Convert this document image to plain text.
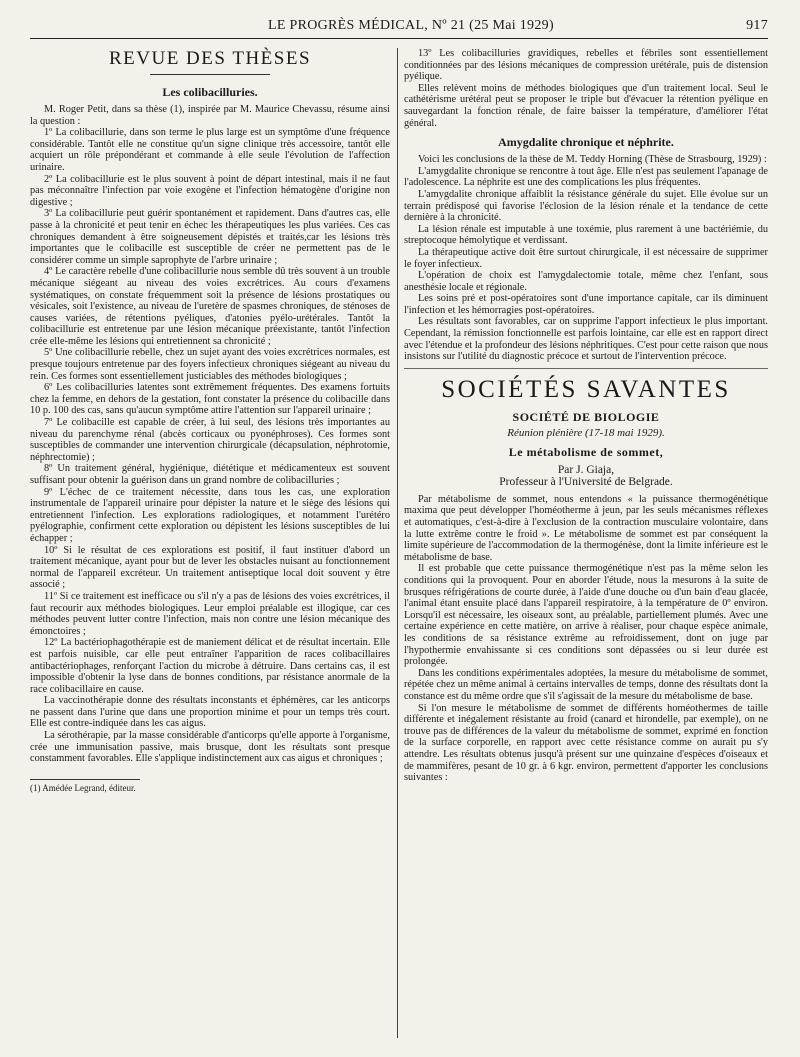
LE PROGRÈS MÉDICAL, Nº 21 (25 Mai 1929)	917
REVUE DES THÈSES
Les colibacilluries.

M. Roger Petit, dans sa thèse (1), inspirée par M. Maurice Chevassu, résume ainsi la question :

1º La colibacillurie, dans son terme le plus large est un symptôme d'une fréquence considérable. Tantôt elle ne constitue qu'un signe clinique très accessoire, tantôt elle acquiert un rôle prépondérant et commande à elle seule l'évolution de l'affection urinaire.

2º La colibacillurie est le plus souvent à point de départ intestinal, mais il ne faut pas méconnaître l'infection par voie exogène et l'infection hématogène d'origine non digestive ;

3º La colibacillurie peut guérir spontanément et rapidement. Dans d'autres cas, elle passe à la chronicité et peut tenir en échec les thérapeutiques les plus variées. Ces cas chroniques demandent à être soigneusement dépistés et traités,car les lésions très importantes que le colibacille est susceptible de créer ne permettent pas de le considérer comme un simple saprophyte de l'arbre urinaire ;

4º Le caractère rebelle d'une colibacillurie nous semble dû très souvent à un trouble mécanique siégeant au niveau des voies excrétrices. Au cours d'examens systématiques, on constate fréquemment soit la présence de lésions prostatiques ou vésicales, soit l'existence, au niveau de l'uretère de spasmes chroniques, de sténoses de causes variées, de rétentions pyéliques, d'atonies pyélo-urétérales. Tantôt la colibacillurie est entretenue par une lésion mécanique préexistante, tantôt l'infection crée elle-même les lésions qui entretiennent sa chronicité ;

5º Une colibacillurie rebelle, chez un sujet ayant des voies excrétrices normales, est presque toujours entretenue par des foyers infectieux chroniques siégeant au niveau du rein. Ces formes sont essentiellement justiciables des méthodes biologiques ;

6º Les colibacilluries latentes sont extrêmement fréquentes. Des examens fortuits chez la femme, en dehors de la gestation, font constater la présence du colibacille dans 10 p. 100 des cas, sans qu'aucun symptôme attire l'attention sur l'appareil urinaire ;

7º Le colibacille est capable de créer, à lui seul, des lésions très importantes au niveau du parenchyme rénal (abcès corticaux ou pyonéphroses). Ces formes sont susceptibles de commander une intervention chirurgicale (décapsulation, néphrotomie, néphrectomie) ;

8º Un traitement général, hygiénique, diététique et médicamenteux est souvent suffisant pour obtenir la guérison dans un grand nombre de colibacilluries ;

9º L'échec de ce traitement nécessite, dans tous les cas, une exploration instrumentale de l'appareil urinaire pour dépister la nature et le siège des lésions qui entretiennent l'infection. Les explorations radiologiques, et notamment l'urétéro pyélographie, confirment cette exploration ou dépistent les lésions susceptibles de lui échapper ;

10º Si le résultat de ces explorations est positif, il faut instituer d'abord un traitement mécanique, ayant pour but de lever les obstacles nuisant au fonctionnement normal de l'appareil excréteur. Un traitement antiseptique local doit souvent y être associé ;

11º Si ce traitement est inefficace ou s'il n'y a pas de lésions des voies excrétrices, il faut recourir aux méthodes biologiques. Leur emploi préalable est illogique, car ces méthodes peuvent lutter contre l'infection, mais non contre une lésion mécanique des émonctoires ;

12º La bactériophagothérapie est de maniement délicat et de résultat incertain. Elle est parfois nuisible, car elle peut entraîner l'apparition de races colibacillaires antibactériophages, renforçant l'action du microbe à détruire. Dans certains cas, il est impossible d'obtenir la lyse dans de bonnes conditions, par résistance anormale de la race colibacillaire en cause.

La vaccinothérapie donne des résultats inconstants et éphémères, car les anticorps ne passent dans l'urine que dans une proportion minime et pour un temps très court. Elle est contre-indiquée dans les cas aigus.

La sérothérapie, par la masse considérable d'anticorps qu'elle apporte à l'organisme, crée une immunisation passive, mais brusque, dont les résultats sont presque constamment favorables. Elle s'applique indistinctement aux cas aigus et chroniques ;

(1) Amédée Legrand, éditeur.

13º Les colibacilluries gravidiques, rebelles et fébriles sont essentiellement conditionnées par des lésions mécaniques de compression urétérale, puis de distension pyélique.

Elles relèvent moins de méthodes biologiques que d'un traitement local. Seul le cathétérisme urétéral peut se proposer le triple but d'évacuer la rétention pyélique en sauvegardant la fonction rénale, de faire baisser la température, d'améliorer l'état général.

Amygdalite chronique et néphrite.

Voici les conclusions de la thèse de M. Teddy Horning (Thèse de Strasbourg, 1929) :

L'amygdalite chronique se rencontre à tout âge. Elle n'est pas seulement l'apanage de l'adolescence. La néphrite est une des complications les plus fréquentes.

L'amygdalite chronique affaiblit la résistance générale du sujet. Elle évolue sur un terrain prédisposé qui favorise l'éclosion de la lésion rénale et la tendance de cette dernière à la chronicité.

La lésion rénale est imputable à une toxémie, plus rarement à une bactériémie, du streptocoque hémolytique et verdissant.

La thérapeutique active doit être surtout chirurgicale, il est nécessaire de supprimer le foyer infectieux.

L'opération de choix est l'amygdalectomie totale, même chez l'enfant, sous anesthésie locale et régionale.

Les soins pré et post-opératoires sont d'une importance capitale, car ils diminuent l'infection et les hémorragies post-opératoires.

Les résultats sont favorables, car on supprime l'apport infectieux le plus important. Cependant, la rémission fonctionnelle est parfois lointaine, car elle est en rapport direct avec l'étendue et la profondeur des lésions néphritiques. C'est pour cette raison que nous insistons sur l'utilité du diagnostic précoce et surtout de l'intervention précoce.

SOCIÉTÉS SAVANTES
SOCIÉTÉ DE BIOLOGIE
Réunion plénière (17-18 mai 1929).
Le métabolisme de sommet,
Par J. Giaja,
Professeur à l'Université de Belgrade.

Par métabolisme de sommet, nous entendons « la puissance thermogénétique maxima que peut développer l'homéotherme à jeun, par les seuls mécanismes réflexes et automatiques, c'est-à-dire à l'exclusion de la contraction musculaire volontaire, dans la lutte extrême contre le froid ». Le métabolisme de sommet est par conséquent la limite supérieure de l'accommodation de la thermogénèse, dont la limite inférieure est le métabolisme de base.

Il est probable que cette puissance thermogénétique n'est pas la même selon les conditions qui la provoquent. Pour en aborder l'étude, nous la mesurons à la suite de brusques réfrigérations de courte durée, à l'aide d'une douche ou d'un bain d'eau glacée, l'animal étant ensuite placé dans l'appareil respiratoire, à la température de 0º environ. Lorsqu'il est nécessaire, les oiseaux sont, au préalable, partiellement plumés. Avec une certaine expérience en cette matière, on arrive à réaliser, pour chaque espèce animale, les conditions de sa résistance extrême au refroidissement, dont on juge par l'hypothermie envahissante si ces conditions sont dépassées ou si leur durée est prolongée.

Dans les conditions expérimentales adoptées, la mesure du métabolisme de sommet, répétée chez un même animal à certains intervalles de temps, donne des résultats dont la constance est du même ordre que s'il s'agissait de la mesure du métabolisme de base.

Si l'on mesure le métabolisme de sommet de différents homéothermes de taille différente et inégalement résistante au froid (canard et hirondelle, par exemple), on ne trouve pas de différences de la valeur du métabolisme de sommet, exprimé en fonction de la surface corporelle, en rapport avec cette résistance comme on aurait pu s'y attendre. Les résultats obtenus jusqu'à présent sur une quinzaine d'espèces d'oiseaux et de mammifères, pesant de 10 gr. à 6 kgr. environ, permettent d'apporter les conclusions suivantes :
